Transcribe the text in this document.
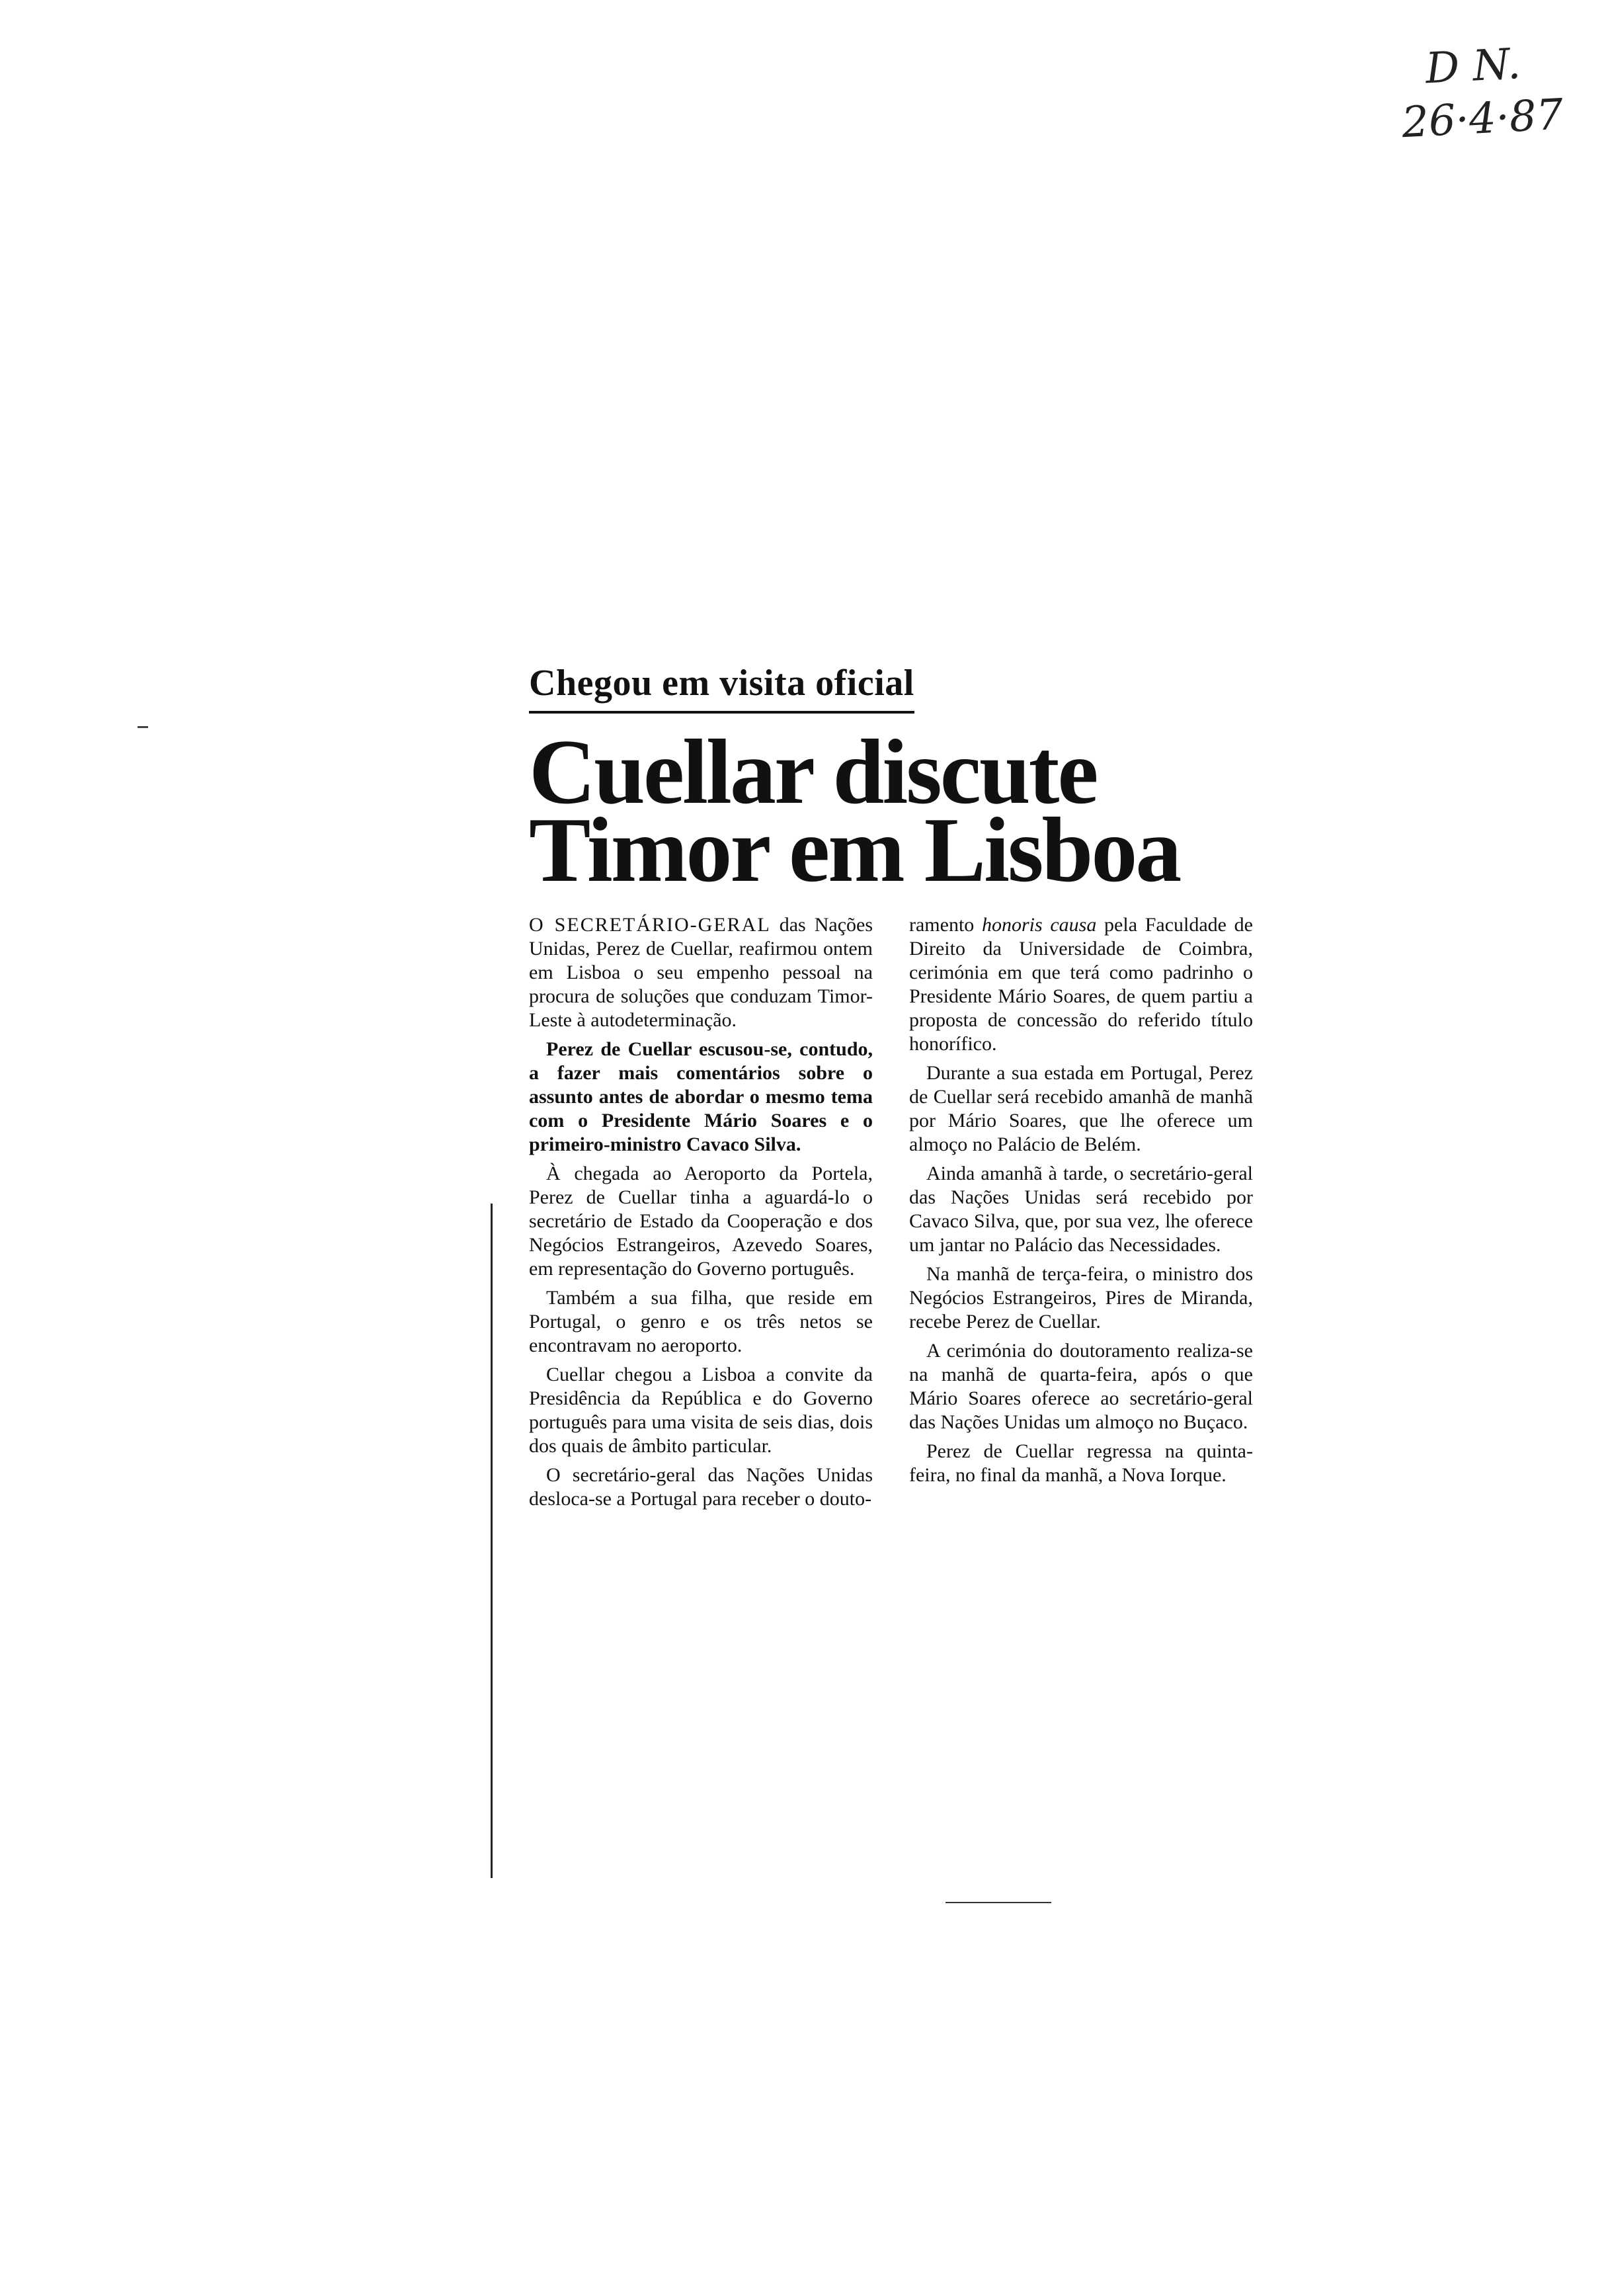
D N.
26·4·87
Chegou em visita oficial
Cuellar discute
Timor em Lisboa

O SECRETÁRIO-GERAL das Nações Unidas, Perez de Cuellar, reafirmou ontem em Lisboa o seu empenho pessoal na procura de soluções que conduzam Timor-Leste à autodeterminação.

Perez de Cuellar escusou-se, contudo, a fazer mais comentários sobre o assunto antes de abordar o mesmo tema com o Presidente Mário Soares e o primeiro-ministro Cavaco Silva.

À chegada ao Aeroporto da Portela, Perez de Cuellar tinha a aguardá-lo o secretário de Estado da Cooperação e dos Negócios Estrangeiros, Azevedo Soares, em representação do Governo português.

Também a sua filha, que reside em Portugal, o genro e os três netos se encontravam no aeroporto.

Cuellar chegou a Lisboa a convite da Presidência da República e do Governo português para uma visita de seis dias, dois dos quais de âmbito particular.

O secretário-geral das Nações Unidas desloca-se a Portugal para receber o douto-

ramento honoris causa pela Faculdade de Direito da Universidade de Coimbra, cerimónia em que terá como padrinho o Presidente Mário Soares, de quem partiu a proposta de concessão do referido título honorífico.

Durante a sua estada em Portugal, Perez de Cuellar será recebido amanhã de manhã por Mário Soares, que lhe oferece um almoço no Palácio de Belém.

Ainda amanhã à tarde, o secretário-geral das Nações Unidas será recebido por Cavaco Silva, que, por sua vez, lhe oferece um jantar no Palácio das Necessidades.

Na manhã de terça-feira, o ministro dos Negócios Estrangeiros, Pires de Miranda, recebe Perez de Cuellar.

A cerimónia do doutoramento realiza-se na manhã de quarta-feira, após o que Mário Soares oferece ao secretário-geral das Nações Unidas um almoço no Buçaco.

Perez de Cuellar regressa na quinta-feira, no final da manhã, a Nova Iorque.
